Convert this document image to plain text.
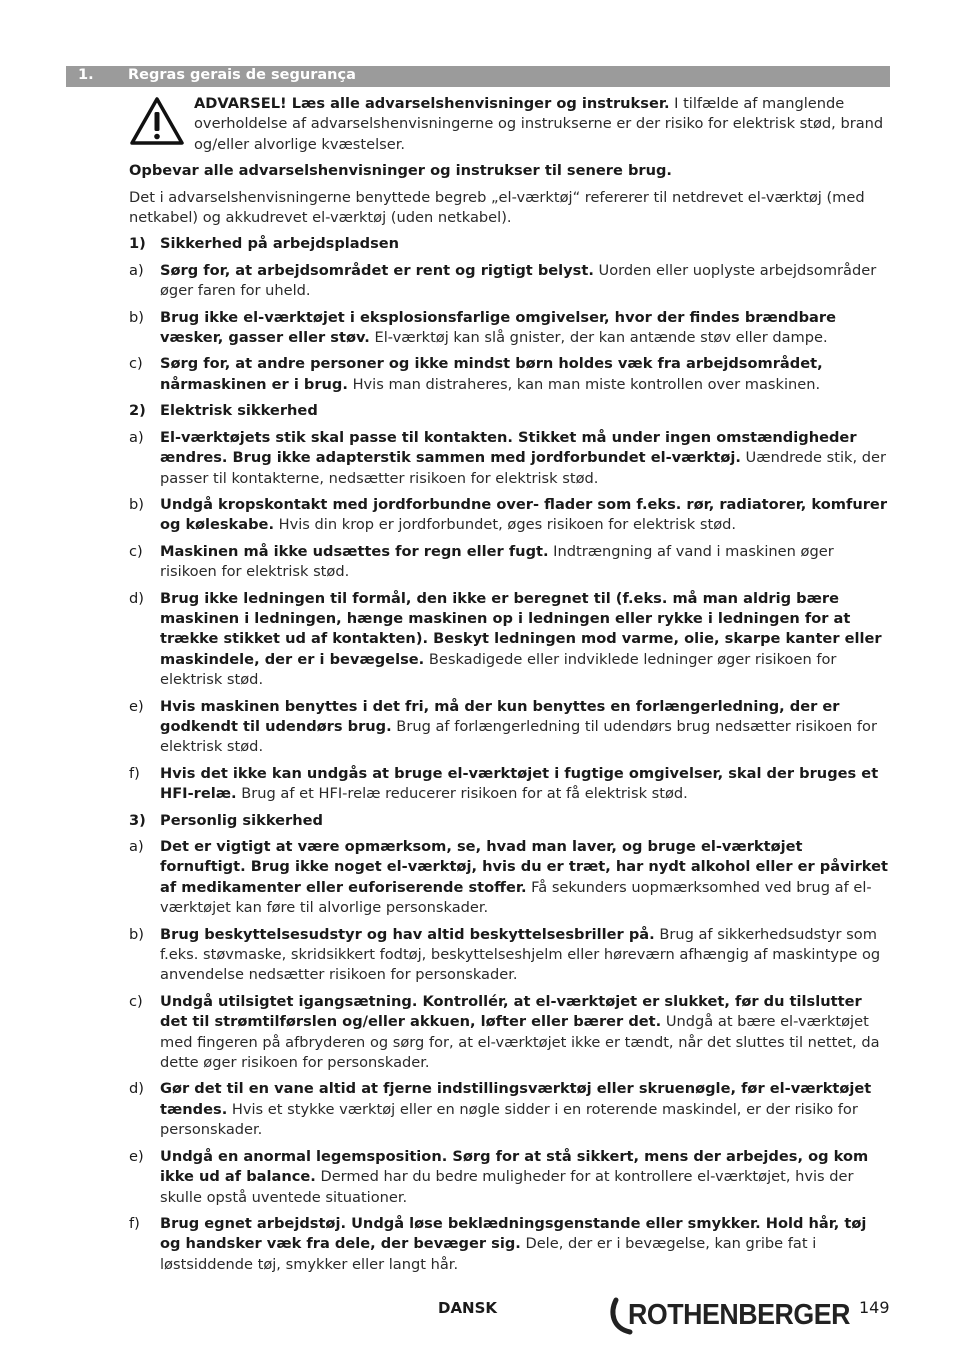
1. Regras gerais de segurança
ADVARSEL! Læs alle advarselshenvisninger og instrukser. I tilfælde af manglende overholdelse af advarselshenvisningerne og instrukserne er der risiko for elektrisk stød, brand og/eller alvorlige kvæstelser.

Opbevar alle advarselshenvisninger og instrukser til senere brug.

Det i advarselshenvisningerne benyttede begreb „el-værktøj“ refererer til netdrevet el-værktøj (med netkabel) og akkudrevet el-værktøj (uden netkabel).

1) Sikkerhed på arbejdspladsen
a) Sørg for, at arbejdsområdet er rent og rigtigt belyst. Uorden eller uoplyste arbejdsområder øger faren for uheld.
b) Brug ikke el-værktøjet i eksplosionsfarlige omgivelser, hvor der findes brændbare væsker, gasser eller støv. El-værktøj kan slå gnister, der kan antænde støv eller dampe.
c) Sørg for, at andre personer og ikke mindst børn holdes væk fra arbejdsområdet, nårmaskinen er i brug. Hvis man distraheres, kan man miste kontrollen over maskinen.
2) Elektrisk sikkerhed
a) El-værktøjets stik skal passe til kontakten. Stikket må under ingen omstændigheder ændres. Brug ikke adapterstik sammen med jordforbundet el-værktøj. Uændrede stik, der passer til kontakterne, nedsætter risikoen for elektrisk stød.
b) Undgå kropskontakt med jordforbundne over- flader som f.eks. rør, radiatorer, komfurer og køleskabe. Hvis din krop er jordforbundet, øges risikoen for elektrisk stød.
c) Maskinen må ikke udsættes for regn eller fugt. Indtrængning af vand i maskinen øger risikoen for elektrisk stød.
d) Brug ikke ledningen til formål, den ikke er beregnet til (f.eks. må man aldrig bære maskinen i ledningen, hænge maskinen op i ledningen eller rykke i ledningen for at trække stikket ud af kontakten). Beskyt ledningen mod varme, olie, skarpe kanter eller maskindele, der er i bevægelse. Beskadigede eller indviklede ledninger øger risikoen for elektrisk stød.
e) Hvis maskinen benyttes i det fri, må der kun benyttes en forlængerledning, der er godkendt til udendørs brug. Brug af forlængerledning til udendørs brug nedsætter risikoen for elektrisk stød.
f) Hvis det ikke kan undgås at bruge el-værktøjet i fugtige omgivelser, skal der bruges et HFI-relæ. Brug af et HFI-relæ reducerer risikoen for at få elektrisk stød.
3) Personlig sikkerhed
a) Det er vigtigt at være opmærksom, se, hvad man laver, og bruge el-værktøjet fornuftigt. Brug ikke noget el-værktøj, hvis du er træt, har nydt alkohol eller er påvirket af medikamenter eller euforiserende stoffer. Få sekunders uopmærksomhed ved brug af el-værktøjet kan føre til alvorlige personskader.
b) Brug beskyttelsesudstyr og hav altid beskyttelsesbriller på. Brug af sikkerhedsudstyr som f.eks. støvmaske, skridsikkert fodtøj, beskyttelseshjelm eller høreværn afhængig af maskintype og anvendelse nedsætter risikoen for personskader.
c) Undgå utilsigtet igangsætning. Kontrollér, at el-værktøjet er slukket, før du tilslutter det til strømtilførslen og/eller akkuen, løfter eller bærer det. Undgå at bære el-værktøjet med fingeren på afbryderen og sørg for, at el-værktøjet ikke er tændt, når det sluttes til nettet, da dette øger risikoen for personskader.
d) Gør det til en vane altid at fjerne indstillingsværktøj eller skruenøgle, før el-værktøjet tændes. Hvis et stykke værktøj eller en nøgle sidder i en roterende maskindel, er der risiko for personskader.
e) Undgå en anormal legemsposition. Sørg for at stå sikkert, mens der arbejdes, og kom ikke ud af balance. Dermed har du bedre muligheder for at kontrollere el-værktøjet, hvis der skulle opstå uventede situationer.
f) Brug egnet arbejdstøj. Undgå løse beklædningsgenstande eller smykker. Hold hår, tøj og handsker væk fra dele, der bevæger sig. Dele, der er i bevægelse, kan gribe fat i løstsiddende tøj, smykker eller langt hår.
DANSK	ROTHENBERGER 149
